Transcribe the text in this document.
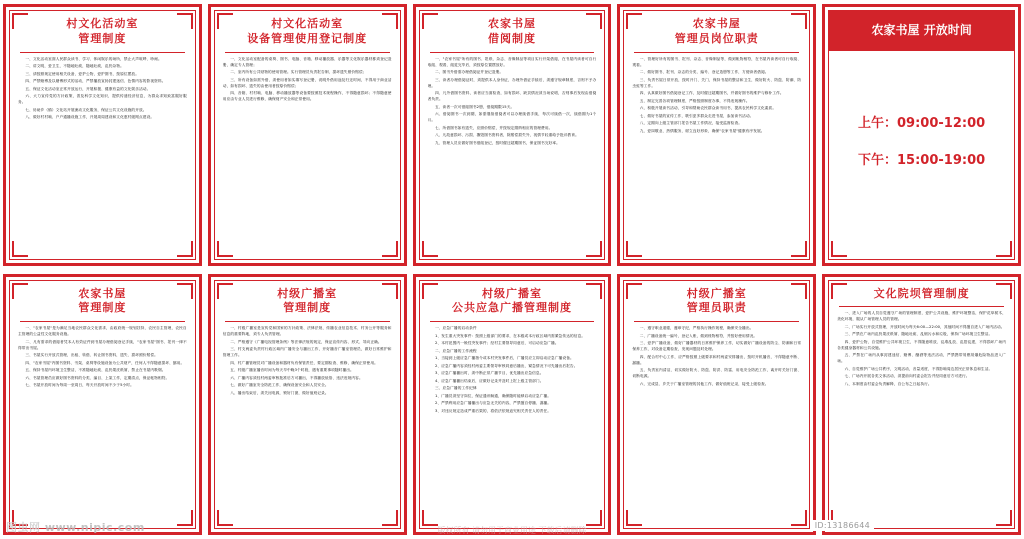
村文化活动室
管理制度

一、文化活动室面人民群众读书、学习、休闲娱乐的场所，禁止大声喧哗、吵闹。

二、讲文明，爱卫生，不随地吐痰，随地吐痰，乱扔杂物。

三、请按照规定使用相关设备，爱护公物，爱护图书，按原位摆放。

四、严禁赌博及以赌博形式的活动，严禁播放宣扬封建迷信、色情内容的影视资料。

五、保证文化活动室正常开放运行，开展积极、健康有益的文化娱乐活动。

六、大力宣传党的方针政策，普及科学文化知识，提供传递经济信息，为群众求知致富服好服务。

七、协助乡（镇）文化站开展流动文化服务，保证公共文化设施的开放。

八、做好村村响、户户通播设施工作，开展周周建设和文化惠村级网点建设。

村文化活动室
设备管理使用登记制度

一、文化活动室配备的桌椅、图书、电脑、音箱、移动播放器、乐器等文化娱乐器材都须登记造册，确定专人管理；

二、室内所有公共财物的使用管理。实行管理员负责报告制，损坏遗失照价赔偿；

三、所有设备如需外借，须使用者如实填写登记册，说明外借用途及归还时间，不得用于商业活动，如有损坏、遗失的由使用者按原价赔偿；

四、音箱、村村响、电脑、移动播放器等设备要按照技术规程操作，不得随意损坏；不得随意使用应由专业人员进行维修，确保财产安全和正常使用。

农家书屋
借阅制度

一、"农家书屋"所有的图书、报纸、杂志、音像制品等项目实行开架借阅，在书屋内读者可自行取阅、观看，阅览完毕后，须按原位置摆放好。

二、图书外借需办理借阅证并登记造册。

三、读者办理借阅证时，须提供本人身份证，办理外借证手续后，须遵守规章制度，否则不予办理。

四、凡外借图书资料，读者应当面检查，如有损坏、缺页情况须当场说明，否则事后发现由借阅者负责。

五、读者一次可借阅图书2册，借阅期限15天。

六、借阅图书一次到期，如需继续借阅者可以办理续借手续，每次可续借一次，续借期为1个月。

七、所借图书如有遗失，应照价赔偿，并按规定缴纳相应的管理费用。

八、凡故意损坏、污损、撕毁图书资料者，除赔偿损失外，视情节轻重给予批评教育。

九、管理人员应做好图书借阅登记，按时催还超期图书，保证图书完好率。

农家书屋
管理员岗位职责

一、管理好所有的图书、报刊、杂志、音像制品等，做到帐物相符，在书屋内读者可自行取阅、观看。

二、做好图书、报刊、杂志的分类、编号、登记造册等工作，方便读者借阅。

三、负责书屋日常开放，按时开门、关门，保持书屋的整洁和卫生，做好防火、防盗、防潮、防虫蛀等工作。

四、认真做好图书借阅登记工作，及时催还超期图书，并做好图书的维护与修补工作。

五、制定完善各项管理制度，严格按照制度办事，不得违规操作。

六、积极开展读书活动，引导和帮助农民群众读书用书，提高农民科学文化素质。

七、做好书屋的宣传工作，吸引更多群众走进书屋，参加读书活动。

八、定期向上级主管部门报告书屋工作情况，接受监督检查。

九、爱岗敬业、热情服务，树立良好形象，确保"农家书屋"健康有序发展。

农家书屋 开放时间
上午：09:00-12:00
下午：15:00-19:00
农家书屋
管理制度

一、"农家书屋"是为满足当地农民群众文化需求，由政府统一规划扶持，农民自主管理，农民自主管理的公益性文化服务设施。

二、凡有需求的借阅者凭本人有效证件到书屋办理借阅登记手续，"农家书屋"图书、报刊一律不得带出书屋。

三、书屋实行开放式管理，出租、转借、转让图书资料，遗失、损坏照价赔偿。

四、"农家书屋"内图书资料、书架、桌椅等设施设备为公共财产，任何人不得随意损坏、挪用。

五、保持书屋内环境卫生整洁，不准随地吐痰、乱扔果皮纸屑，禁止在书屋内吸烟。

六、书屋管理员应做好图书资料的分类、编目、上架工作，定期清点，保证帐物相符。

七、书屋开放时间为每周一至周日，每天开放时间不少于5小时。

村级广播室
管理制度

一、村级广播室是宣传党和国家的方针政策、法律法规、传播农业信息技术、村务公开等服务和信息的重要阵地，须专人负责管理。

二、严格遵守《广播电视管理条例》等法律法规的规定，保证宣传内容、形式、导向正确。

三、村支两委负责村行政区域内广播安全与播出工作，开好播音广播室管理员，做好日常维护和管理工作。

四、村广播管理员对广播设备和器材负有保管责任，要定期检查、维修，确保正常使用。

五、村级广播室播音时间为每天早中晚3个时段，遇有重要事项随时播出。

六、广播内容须经村两委审核批准后方可播出，不得播放低俗、违法违规内容。

七、做好广播室安全防范工作，确保设备安全和人员安全。

八、播出结束后，须关闭电源，锁好门窗，做好值班记录。

村级广播室
公共应急广播管理制度

一、应急广播的启动条件

1、发生重大突发事件：按照上级部门的要求，在本级或本行政区域内需紧急传达的信息。

2、本村范围内一般性突发事件；经村主要领导同意后，可启动应急广播。

二、应急广播的工作流程

1、当接到上级应急广播指令或本村突发事件后，广播员应立即启动应急广播设备。

2、应急广播内容须经村两委主要领导审核同意后播出，紧急情况下可先播出后报告。

3、应急广播播出时，须中断正常广播节目，优先播出应急信息。

4、应急广播播出结束后，应做好记录并及时上报上级主管部门。

三、应急广播的工作纪律

1、广播员须坚守岗位，保证通讯畅通，确保随时能够启动应急广播。

2、严禁利用应急广播播出与应急无关的内容，严禁擅自停播、漏播。

3、对违反规定造成严重后果的，将依法依规追究相关责任人的责任。

村级广播室
管理员职责

一、遵守职业道德，遵章守纪，严格执行操作规程，确保安全播出。

二、广播设备统一编号，登记入账，做到账物相符，并按好使用情况。

三、爱护广播设备，做好广播器材的日常维护保养工作，切实做好广播设备的防尘、防潮和日常保养工作，对设备定期检查，发现问题及时处理。

四、配合村中心工作，应严格按照上级要求和村两委安排播出，按时开机播音，不得随意中断、漏播。

五、负责室内清洁，切实做好防火、防盗、防洪、防雷、用电安全防范工作，离开时关好门窗、切断电源。

六、完成县、乡关于广播室管理的其他工作，做好值班记录，接受上级检查。

文化院坝管理制度

一、进入广场的人员自觉遵守广场的管理制度，爱护公共设施，维护环境整洁，保护花草树木，美化环境，服从广场管理人员的管理。

二、广场实行开放式管理，开放时间为每天6:00—22:00，其他时间不得擅自进入广场内活动。

三、严禁在广场内乱扔果皮纸屑、随地吐痰、乱倒污水和垃圾，保持广场环境卫生整洁。

四、爱护公物，自觉维护公共环境卫生，不得随意堆放、乱堆乱放、乱搭乱建，不得损坏广场内各类健身器材和公共设施。

五、严禁在广场内从事封建迷信、赌博、酗酒等违法活动，严禁携带易燃易爆危险物品进入广场。

六、自觉维护广场公共秩序，文明活动，音量适度，不得影响周边居民正常休息和生活。

七、广场内开展各类文体活动，须提前向村委会报告并经同意后方可进行。

八、本制度由村委会负责解释，自公布之日起执行。

图虫网 www.nipic.com	ID:13186644
版权所有 请勿用于商业用途 下载后请删除
